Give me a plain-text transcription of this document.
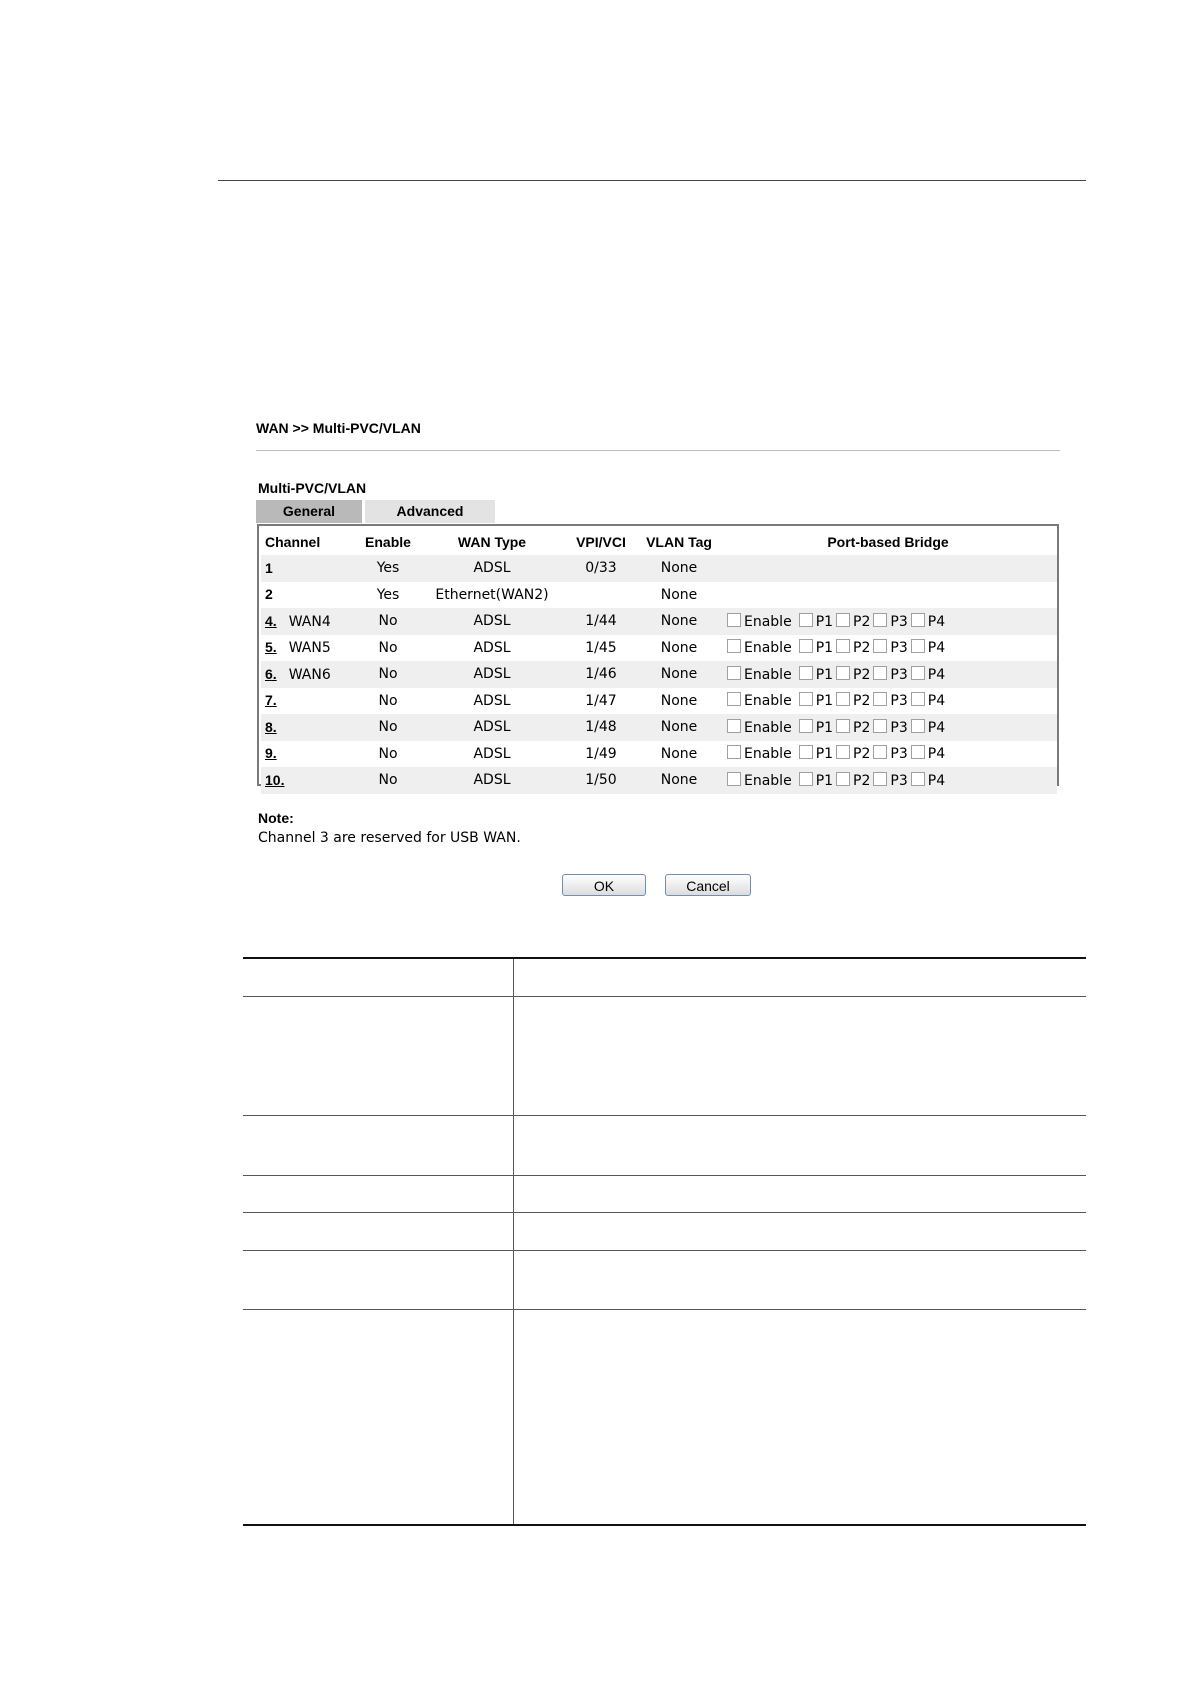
WAN >> Multi-PVC/VLAN
Multi-PVC/VLAN
General	Advanced
Channel	Enable	WAN Type	VPI/VCI	VLAN Tag	Port-based Bridge
1	Yes	ADSL	0/33	None	
2	Yes	Ethernet(WAN2)		None	
4. WAN4	No	ADSL	1/44	None	Enable P1 P2 P3 P4
5. WAN5	No	ADSL	1/45	None	Enable P1 P2 P3 P4
6. WAN6	No	ADSL	1/46	None	Enable P1 P2 P3 P4
7.	No	ADSL	1/47	None	Enable P1 P2 P3 P4
8.	No	ADSL	1/48	None	Enable P1 P2 P3 P4
9.	No	ADSL	1/49	None	Enable P1 P2 P3 P4
10.	No	ADSL	1/50	None	Enable P1 P2 P3 P4
Note:
Channel 3 are reserved for USB WAN.
OK	Cancel
